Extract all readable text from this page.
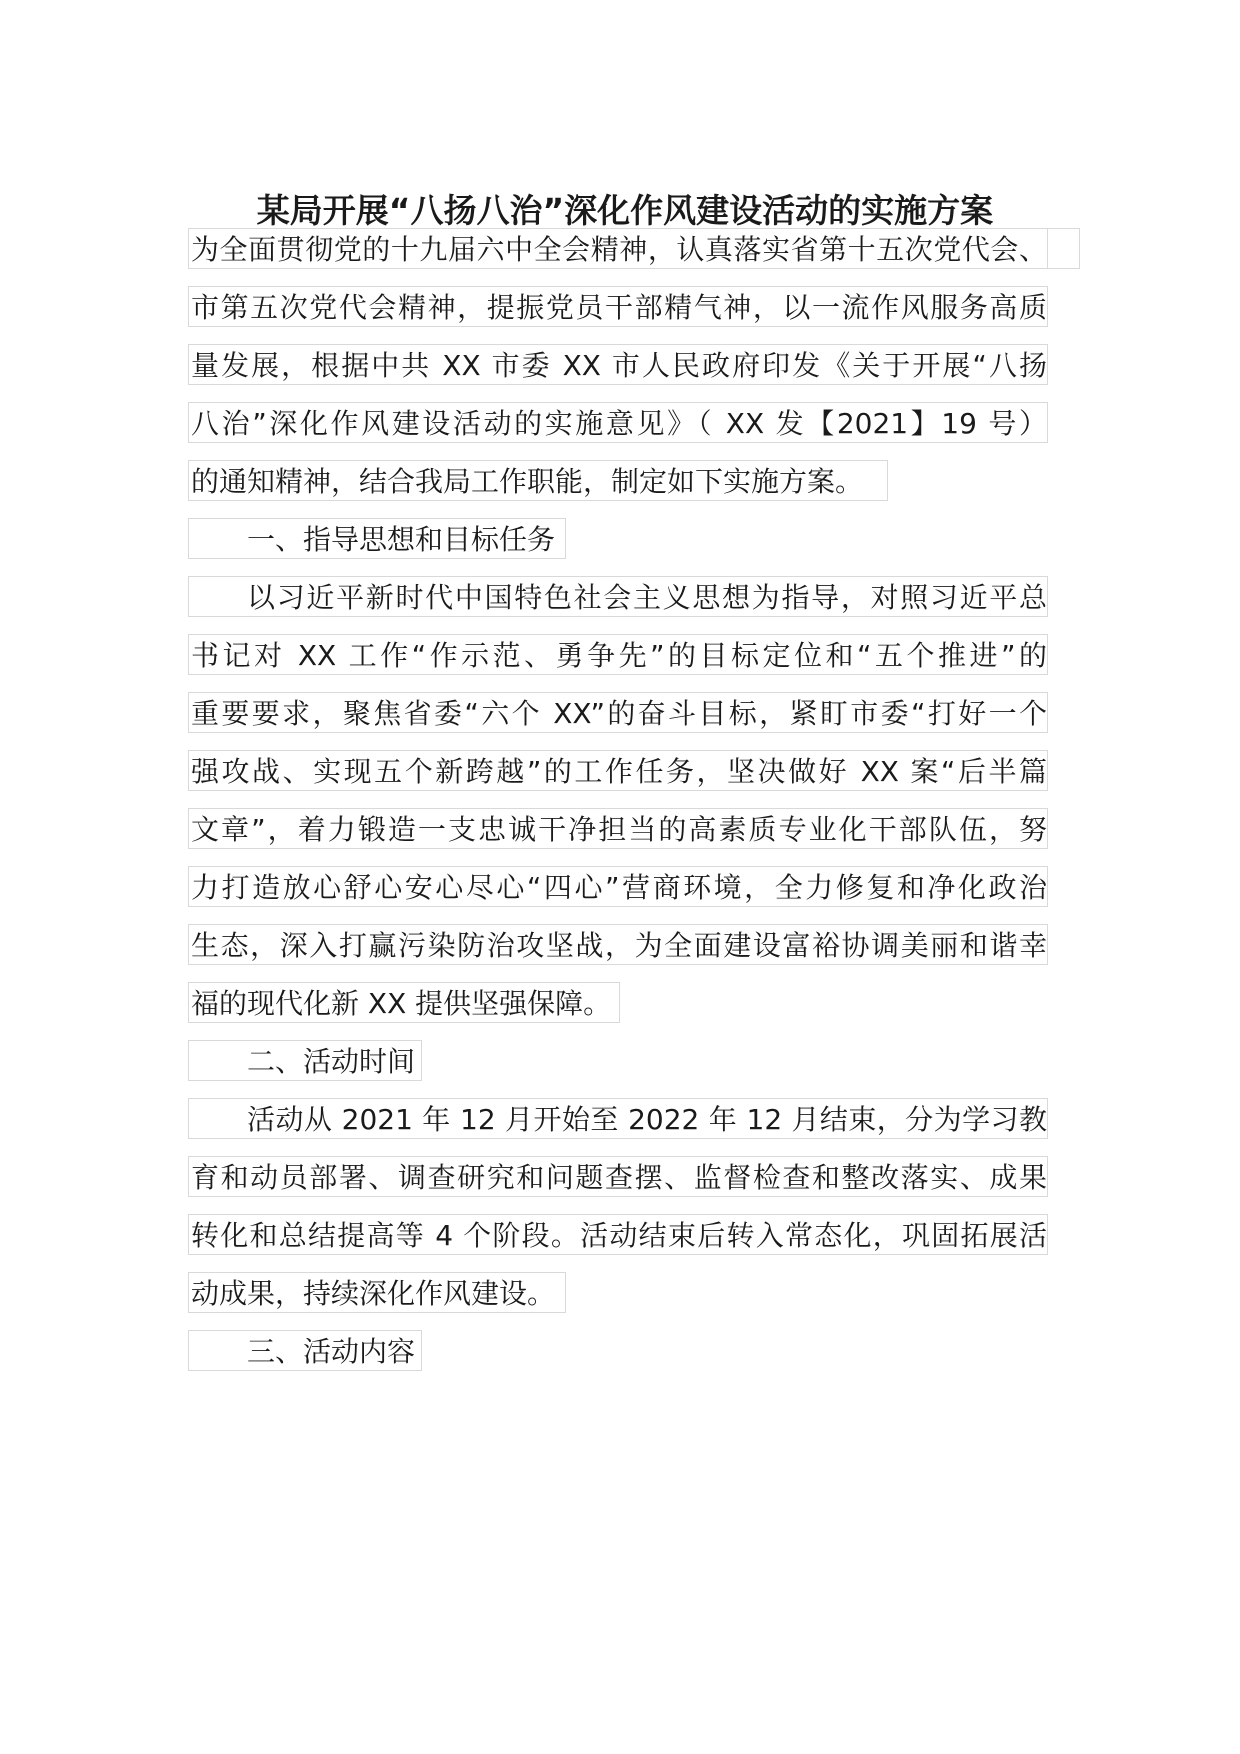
某局开展“八扬八治”深化作风建设活动的实施方案
为全面贯彻党的十九届六中全会精神，认真落实省第十五次党代会、
市第五次党代会精神，提振党员干部精气神，以一流作风服务高质
量发展，根据中共 XX 市委 XX 市人民政府印发《关于开展“八扬
八治”深化作风建设活动的实施意见》（ XX 发【2021】19 号）
的通知精神，结合我局工作职能，制定如下实施方案。
一、指导思想和目标任务
以习近平新时代中国特色社会主义思想为指导，对照习近平总
书记对 XX 工作“作示范、勇争先”的目标定位和“五个推进”的
重要要求，聚焦省委“六个 XX”的奋斗目标，紧盯市委“打好一个
强攻战、实现五个新跨越”的工作任务，坚决做好 XX 案“后半篇
文章”，着力锻造一支忠诚干净担当的高素质专业化干部队伍，努
力打造放心舒心安心尽心“四心”营商环境，全力修复和净化政治
生态，深入打赢污染防治攻坚战，为全面建设富裕协调美丽和谐幸
福的现代化新 XX 提供坚强保障。
二、活动时间
活动从 2021 年 12 月开始至 2022 年 12 月结束，分为学习教
育和动员部署、调查研究和问题查摆、监督检查和整改落实、成果
转化和总结提高等 4 个阶段。活动结束后转入常态化，巩固拓展活
动成果，持续深化作风建设。
三、活动内容
